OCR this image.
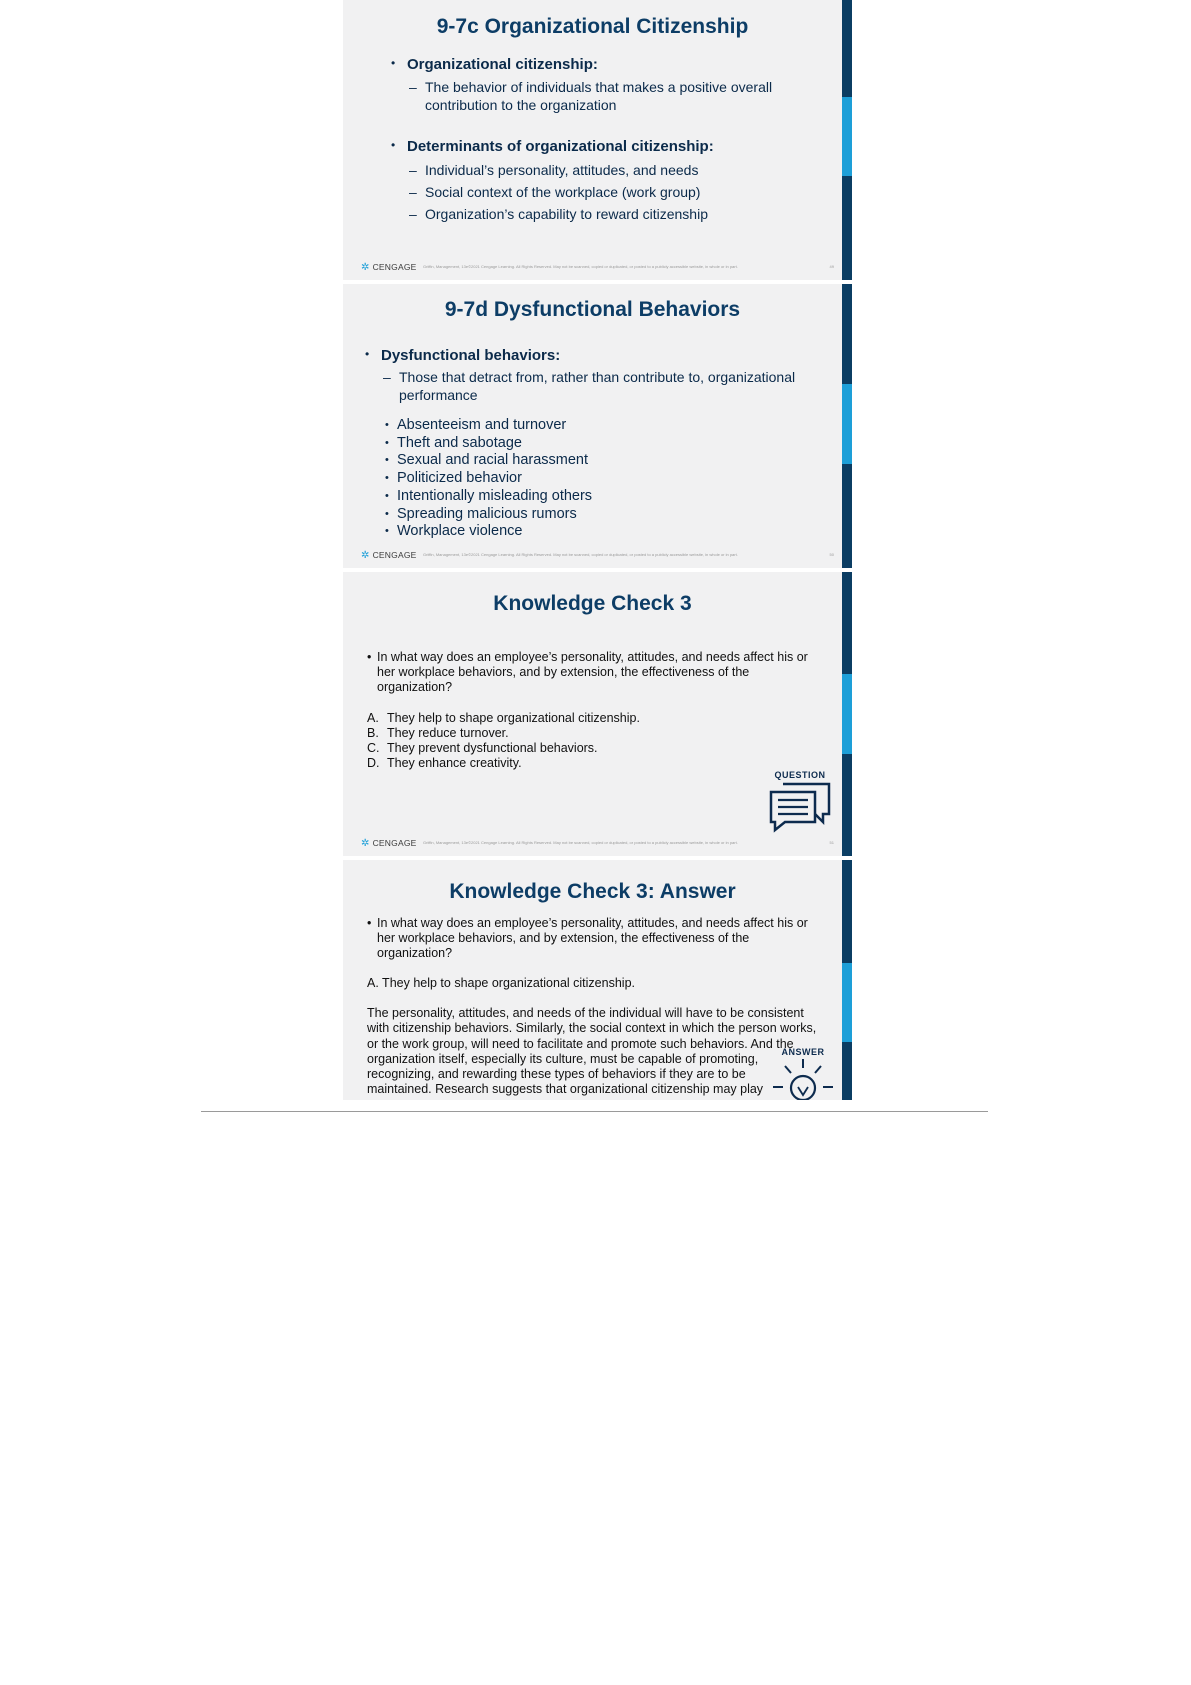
9-7c Organizational Citizenship
• Organizational citizenship:
– The behavior of individuals that makes a positive overall
contribution to the organization
• Determinants of organizational citizenship:
– Individual’s personality, attitudes, and needs
– Social context of the workplace (work group)
– Organization’s capability to reward citizenship
✲ CENGAGE Griffin, Management, 13e©2021 Cengage Learning. All Rights Reserved. May not be scanned, copied or duplicated, or posted to a publicly accessible website, in whole or in part.	49
9-7d Dysfunctional Behaviors
• Dysfunctional behaviors:
– Those that detract from, rather than contribute to, organizational
performance
• Absenteeism and turnover
• Theft and sabotage
• Sexual and racial harassment
• Politicized behavior
• Intentionally misleading others
• Spreading malicious rumors
• Workplace violence
✲ CENGAGE Griffin, Management, 13e©2021 Cengage Learning. All Rights Reserved. May not be scanned, copied or duplicated, or posted to a publicly accessible website, in whole or in part.	50
Knowledge Check 3
• In what way does an employee’s personality, attitudes, and needs affect his or
her workplace behaviors, and by extension, the effectiveness of the
organization?
A. They help to shape organizational citizenship.
B. They reduce turnover.
C. They prevent dysfunctional behaviors.
D. They enhance creativity.
QUESTION
✲ CENGAGE Griffin, Management, 13e©2021 Cengage Learning. All Rights Reserved. May not be scanned, copied or duplicated, or posted to a publicly accessible website, in whole or in part.	51
Knowledge Check 3: Answer
• In what way does an employee’s personality, attitudes, and needs affect his or
her workplace behaviors, and by extension, the effectiveness of the
organization?
A. They help to shape organizational citizenship.
The personality, attitudes, and needs of the individual will have to be consistent
with citizenship behaviors. Similarly, the social context in which the person works,
or the work group, will need to facilitate and promote such behaviors. And the
organization itself, especially its culture, must be capable of promoting,
recognizing, and rewarding these types of behaviors if they are to be
maintained. Research suggests that organizational citizenship may play
ANSWER
